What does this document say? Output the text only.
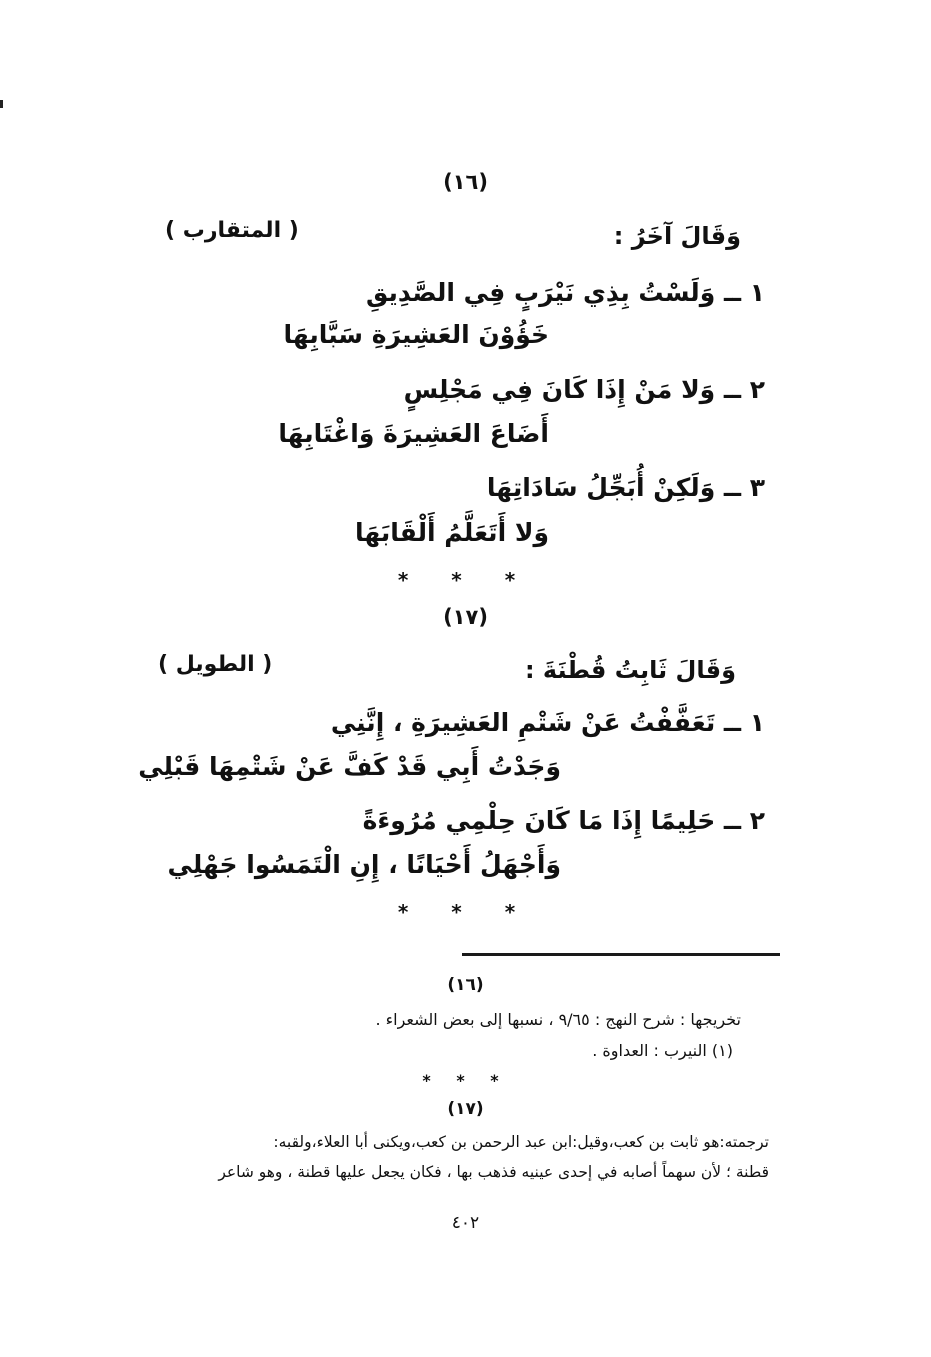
(١٦)
وَقَالَ آخَرُ :
( المتقارب )
١ ــ وَلَسْتُ بِذِي نَيْرَبٍ فِي الصَّدِيقِ
خَؤُوْنَ العَشِيرَةِ سَبَّابِهَا
٢ ــ وَلا مَنْ إِذَا كَانَ فِي مَجْلِسٍ
أَضَاعَ العَشِيرَةَ وَاغْتَابِهَا
٣ ــ وَلَكِنْ أُبَجِّلُ سَادَاتِهَا
وَلا أَتَعَلَّمُ أَلْقَابَهَا
* * *
(١٧)
وَقَالَ ثَابِتُ قُطْنَةَ :
( الطويل )
١ ــ تَعَفَّفْتُ عَنْ شَتْمِ العَشِيرَةِ ، إِنَّنِي
وَجَدْتُ أَبِي قَدْ كَفَّ عَنْ شَتْمِهَا قَبْلِي
٢ ــ حَلِيمًا إِذَا مَا كَانَ حِلْمِي مُرُوءَةً
وَأَجْهَلُ أَحْيَانًا ، إِنِ الْتَمَسُوا جَهْلِي
* * *
(١٦)
تخريجها : شرح النهج : ٩/٦٥ ، نسبها إلى بعض الشعراء .
(١) النيرب : العداوة .
* * *
(١٧)
ترجمته:هو ثابت بن كعب،وقيل:ابن عبد الرحمن بن كعب،ويكنى أبا العلاء،ولقبه:
قطنة ؛ لأن سهماً أصابه في إحدى عينيه فذهب بها ، فكان يجعل عليها قطنة ، وهو شاعر
٤٠٢
